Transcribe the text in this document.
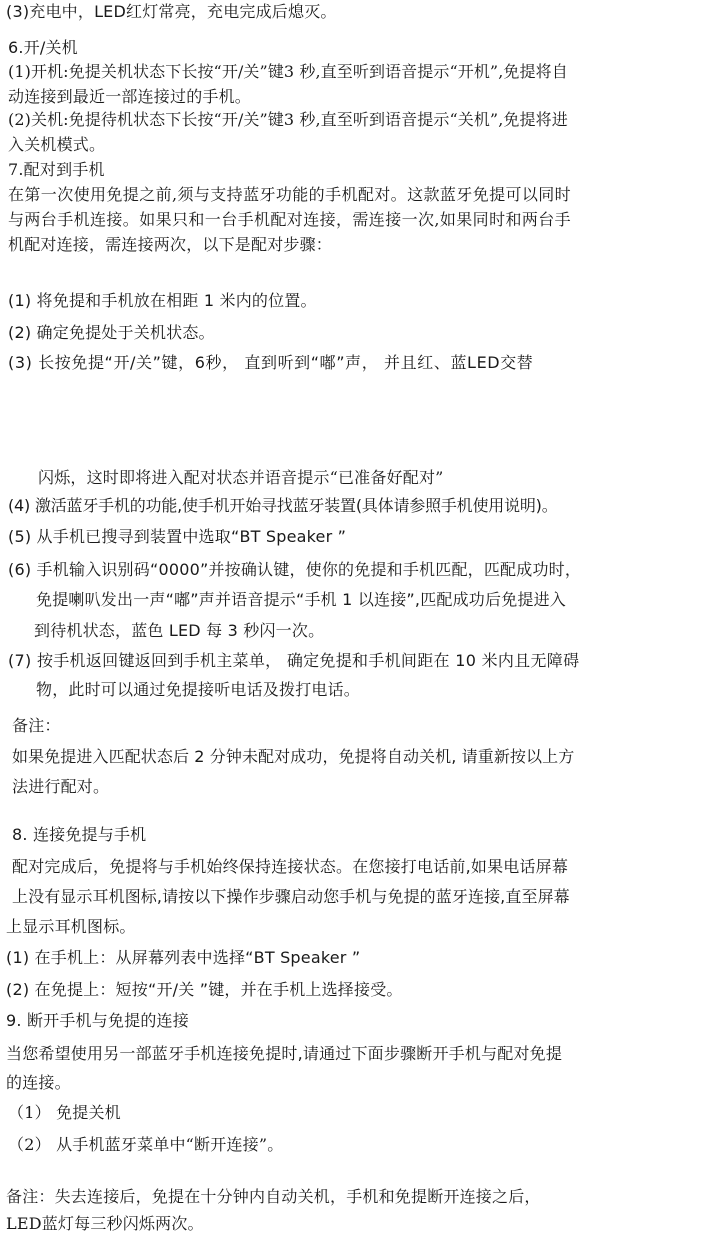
(3)充电中，LED红灯常亮，充电完成后熄灭。
6.开/关机
(1)开机:免提关机状态下长按“开/关”键3 秒,直至听到语音提示“开机”,免提将自
动连接到最近一部连接过的手机。
(2)关机:免提待机状态下长按“开/关”键3 秒,直至听到语音提示“关机”,免提将进
入关机模式。
7.配对到手机
在第一次使用免提之前,须与支持蓝牙功能的手机配对。这款蓝牙免提可以同时
与两台手机连接。如果只和一台手机配对连接，需连接一次,如果同时和两台手
机配对连接，需连接两次，以下是配对步骤：
(1) 将免提和手机放在相距 1 米内的位置。
(2) 确定免提处于关机状态。
(3) 长按免提“开/关”键，6秒， 直到听到“嘟”声， 并且红、蓝LED交替
闪烁，这时即将进入配对状态并语音提示“已准备好配对”
(4) 激活蓝牙手机的功能,使手机开始寻找蓝牙装置(具体请参照手机使用说明)。
(5) 从手机已搜寻到装置中选取“BT Speaker ”
(6) 手机输入识别码“0000”并按确认键，使你的免提和手机匹配，匹配成功时，
免提喇叭发出一声“嘟”声并语音提示“手机 1 以连接”,匹配成功后免提进入
到待机状态，蓝色 LED 每 3 秒闪一次。
(7) 按手机返回键返回到手机主菜单， 确定免提和手机间距在 10 米内且无障碍
物，此时可以通过免提接听电话及拨打电话。
备注：
如果免提进入匹配状态后 2 分钟未配对成功，免提将自动关机, 请重新按以上方
法进行配对。
8. 连接免提与手机
配对完成后，免提将与手机始终保持连接状态。在您接打电话前,如果电话屏幕
上没有显示耳机图标,请按以下操作步骤启动您手机与免提的蓝牙连接,直至屏幕
上显示耳机图标。
(1) 在手机上：从屏幕列表中选择“BT Speaker ”
(2) 在免提上：短按“开/关 ”键，并在手机上选择接受。
9. 断开手机与免提的连接
当您希望使用另一部蓝牙手机连接免提时,请通过下面步骤断开手机与配对免提
的连接。
（1） 免提关机
（2） 从手机蓝牙菜单中“断开连接”。
备注：失去连接后，免提在十分钟内自动关机，手机和免提断开连接之后，
LED蓝灯每三秒闪烁两次。
